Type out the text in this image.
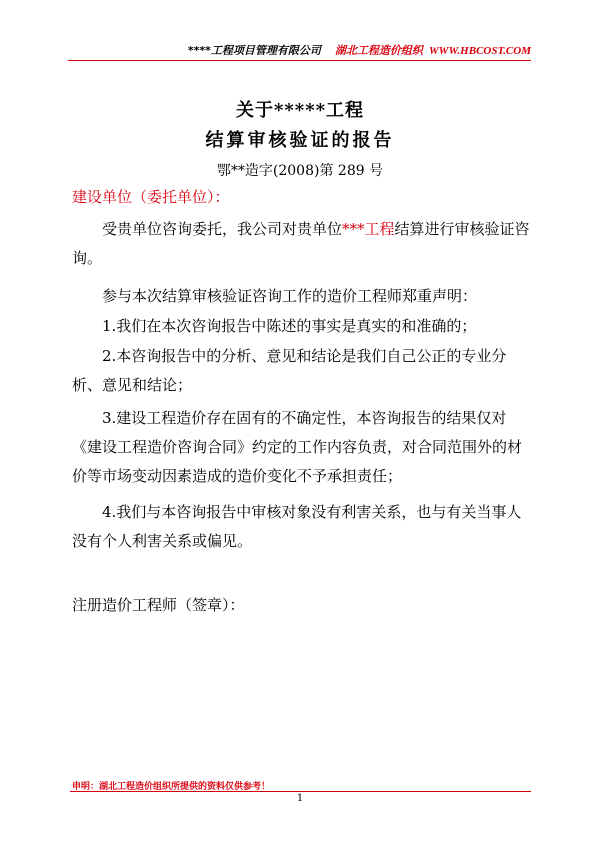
****工程项目管理有限公司 湖北工程造价组织 WWW.HBCOST.COM
关于*****工程
结算审核验证的报告
鄂**造字(2008)第 289 号
建设单位（委托单位）：
受贵单位咨询委托，我公司对贵单位***工程结算进行审核验证咨询。
参与本次结算审核验证咨询工作的造价工程师郑重声明：
1.我们在本次咨询报告中陈述的事实是真实的和准确的；
2.本咨询报告中的分析、意见和结论是我们自己公正的专业分析、意见和结论；
3.建设工程造价存在固有的不确定性，本咨询报告的结果仅对《建设工程造价咨询合同》约定的工作内容负责，对合同范围外的材价等市场变动因素造成的造价变化不予承担责任；
4.我们与本咨询报告中审核对象没有利害关系，也与有关当事人没有个人利害关系或偏见。
注册造价工程师（签章）：
申明：湖北工程造价组织所提供的资料仅供参考！
1
